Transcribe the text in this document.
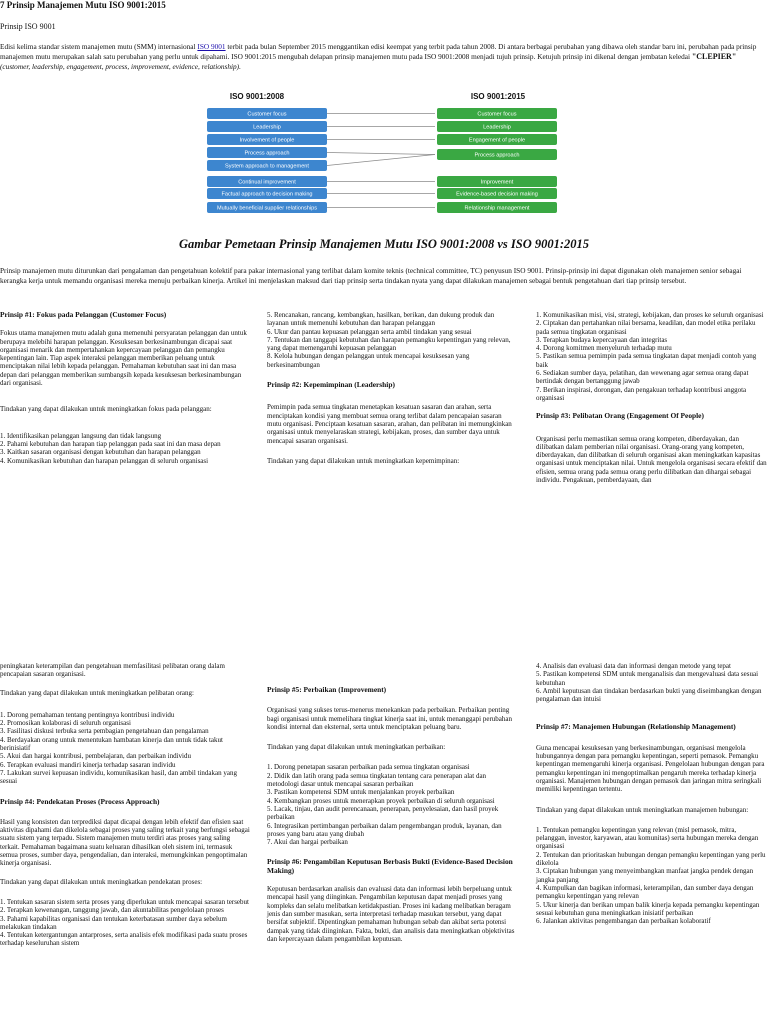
7 Prinsip Manajemen Mutu ISO 9001:2015
Prinsip ISO 9001
Edisi kelima standar sistem manajemen mutu (SMM) internasional ISO 9001 terbit pada bulan September 2015 menggantikan edisi keempat yang terbit pada tahun 2008. Di antara berbagai perubahan yang dibawa oleh standar baru ini, perubahan pada prinsip manajemen mutu merupakan salah satu perubahan yang perlu untuk dipahami. ISO 9001:2015 mengubah delapan prinsip manajemen mutu pada ISO 9001:2008 menjadi tujuh prinsip. Ketujuh prinsip ini dikenal dengan jembatan keledai "CLEPIER" (customer, leadership, engagement, process, improvement, evidence, relationship).
ISO 9001:2008	ISO 9001:2015
Customer focus
Leadership
Involvement of people
Process approach
System approach to management
Continual improvement
Factual approach to decision making
Mutually beneficial supplier relationships
Customer focus
Leadership
Engagement of people
Process approach
Improvement
Evidence-based decision making
Relationship management
Gambar Pemetaan Prinsip Manajemen Mutu ISO 9001:2008 vs ISO 9001:2015
Prinsip manajemen mutu diturunkan dari pengalaman dan pengetahuan kolektif para pakar internasional yang terlibat dalam komite teknis (technical committee, TC) penyusun ISO 9001. Prinsip-prinsip ini dapat digunakan oleh manajemen senior sebagai kerangka kerja untuk memandu organisasi mereka menuju perbaikan kinerja. Artikel ini menjelaskan maksud dari tiap prinsip serta tindakan nyata yang dapat dilakukan manajemen sebagai bentuk pengetahuan dari tiap prinsip tersebut.

Prinsip #1: Fokus pada Pelanggan (Customer Focus)

Fokus utama manajemen mutu adalah guna memenuhi persyaratan pelanggan dan untuk berupaya melebihi harapan pelanggan. Kesuksesan berkesinambungan dicapai saat organisasi menarik dan mempertahankan kepercayaan pelanggan dan pemangku kepentingan lain. Tiap aspek interaksi pelanggan memberikan peluang untuk menciptakan nilai lebih kepada pelanggan. Pemahaman kebutuhan saat ini dan masa depan dari pelanggan memberikan sumbangsih kepada kesuksesan berkesinambungan dari organisasi.

Tindakan yang dapat dilakukan untuk meningkatkan fokus pada pelanggan:

1. Identifikasikan pelanggan langsung dan tidak langsung
2. Pahami kebutuhan dan harapan tiap pelanggan pada saat ini dan masa depan
3. Kaitkan sasaran organisasi dengan kebutuhan dan harapan pelanggan
4. Komunikasikan kebutuhan dan harapan pelanggan di seluruh organisasi
5. Rencanakan, rancang, kembangkan, hasilkan, berikan, dan dukung produk dan layanan untuk memenuhi kebutuhan dan harapan pelanggan
6. Ukur dan pantau kepuasan pelanggan serta ambil tindakan yang sesuai
7. Tentukan dan tanggapi kebutuhan dan harapan pemangku kepentingan yang relevan, yang dapat memengaruhi kepuasan pelanggan
8. Kelola hubungan dengan pelanggan untuk mencapai kesuksesan yang berkesinambungan

Prinsip #2: Kepemimpinan (Leadership)

Pemimpin pada semua tingkatan menetapkan kesatuan sasaran dan arahan, serta menciptakan kondisi yang membuat semua orang terlibat dalam pencapaian sasaran mutu organisasi. Penciptaan kesatuan sasaran, arahan, dan pelibatan ini memungkinkan organisasi untuk menyelaraskan strategi, kebijakan, proses, dan sumber daya untuk mencapai sasaran organisasi.

Tindakan yang dapat dilakukan untuk meningkatkan kepemimpinan:

1. Komunikasikan misi, visi, strategi, kebijakan, dan proses ke seluruh organisasi
2. Ciptakan dan pertahankan nilai bersama, keadilan, dan model etika perilaku pada semua tingkatan organisasi
3. Terapkan budaya kepercayaan dan integritas
4. Dorong komitmen menyeluruh terhadap mutu
5. Pastikan semua pemimpin pada semua tingkatan dapat menjadi contoh yang baik
6. Sediakan sumber daya, pelatihan, dan wewenang agar semua orang dapat bertindak dengan bertanggung jawab
7. Berikan inspirasi, dorongan, dan pengakuan terhadap kontribusi anggota organisasi

Prinsip #3: Pelibatan Orang (Engagement Of People)

Organisasi perlu memastikan semua orang kompeten, diberdayakan, dan dilibatkan dalam pemberian nilai organisasi. Orang-orang yang kompeten, diberdayakan, dan dilibatkan di seluruh organisasi akan meningkatkan kapasitas organisasi untuk menciptakan nilai. Untuk mengelola organisasi secara efektif dan efisien, semua orang pada semua orang perlu dilibatkan dan dihargai sebagai individu. Pengakuan, pemberdayaan, dan

peningkatan keterampilan dan pengetahuan memfasilitasi pelibatan orang dalam pencapaian sasaran organisasi.

Tindakan yang dapat dilakukan untuk meningkatkan pelibatan orang:

1. Dorong pemahaman tentang pentingnya kontribusi individu
2. Promosikan kolaborasi di seluruh organisasi
3. Fasilitasi diskusi terbuka serta pembagian pengetahuan dan pengalaman
4. Berdayakan orang untuk menentukan hambatan kinerja dan untuk tidak takut berinisiatif
5. Akui dan hargai kontribusi, pembelajaran, dan perbaikan individu
6. Terapkan evaluasi mandiri kinerja terhadap sasaran individu
7. Lakukan survei kepuasan individu, komunikasikan hasil, dan ambil tindakan yang sesuai

Prinsip #4: Pendekatan Proses (Process Approach)

Hasil yang konsisten dan terprediksi dapat dicapai dengan lebih efektif dan efisien saat aktivitas dipahami dan dikelola sebagai proses yang saling terkait yang berfungsi sebagai suatu sistem yang terpadu. Sistem manajemen mutu terdiri atas proses yang saling terkait. Pemahaman bagaimana suatu keluaran dihasilkan oleh sistem ini, termasuk semua proses, sumber daya, pengendalian, dan interaksi, memungkinkan pengoptimalan kinerja organisasi.

Tindakan yang dapat dilakukan untuk meningkatkan pendekatan proses:

1. Tentukan sasaran sistem serta proses yang diperlukan untuk mencapai sasaran tersebut
2. Terapkan kewenangan, tanggung jawab, dan akuntabilitas pengelolaan proses
3. Pahami kapabilitas organisasi dan tentukan keterbatasan sumber daya sebelum melakukan tindakan
4. Tentukan ketergantungan antarproses, serta analisis efek modifikasi pada suatu proses terhadap keseluruhan sistem

Prinsip #5: Perbaikan (Improvement)

Organisasi yang sukses terus-menerus menekankan pada perbaikan. Perbaikan penting bagi organisasi untuk memelihara tingkat kinerja saat ini, untuk menanggapi perubahan kondisi internal dan eksternal, serta untuk menciptakan peluang baru.

Tindakan yang dapat dilakukan untuk meningkatkan perbaikan:

1. Dorong penetapan sasaran perbaikan pada semua tingkatan organisasi
2. Didik dan latih orang pada semua tingkatan tentang cara penerapan alat dan metodologi dasar untuk mencapai sasaran perbaikan
3. Pastikan kompetensi SDM untuk menjalankan proyek perbaikan
4. Kembangkan proses untuk menerapkan proyek perbaikan di seluruh organisasi
5. Lacak, tinjau, dan audit perencanaan, penerapan, penyelesaian, dan hasil proyek perbaikan
6. Integrasikan pertimbangan perbaikan dalam pengembangan produk, layanan, dan proses yang baru atau yang diubah
7. Akui dan hargai perbaikan

Prinsip #6: Pengambilan Keputusan Berbasis Bukti (Evidence-Based Decision Making)

Keputusan berdasarkan analisis dan evaluasi data dan informasi lebih berpeluang untuk mencapai hasil yang diinginkan. Pengambilan keputusan dapat menjadi proses yang kompleks dan selalu melibatkan ketidakpastian. Proses ini kadang melibatkan beragam jenis dan sumber masukan, serta interpretasi terhadap masukan tersebut, yang dapat bersifat subjektif. Dipentingkan pemahaman hubungan sebab dan akibat serta potensi dampak yang tidak diinginkan. Fakta, bukti, dan analisis data meningkatkan objektivitas dan kepercayaan dalam pengambilan keputusan.

4. Analisis dan evaluasi data dan informasi dengan metode yang tepat
5. Pastikan kompetensi SDM untuk menganalisis dan mengevaluasi data sesuai kebutuhan
6. Ambil keputusan dan tindakan berdasarkan bukti yang diseimbangkan dengan pengalaman dan intuisi

Prinsip #7: Manajemen Hubungan (Relationship Management)

Guna mencapai kesuksesan yang berkesinambungan, organisasi mengelola hubungannya dengan para pemangku kepentingan, seperti pemasok. Pemangku kepentingan memengaruhi kinerja organisasi. Pengelolaan hubungan dengan para pemangku kepentingan ini mengoptimalkan pengaruh mereka terhadap kinerja organisasi. Manajemen hubungan dengan pemasok dan jaringan mitra seringkali memiliki kepentingan tertentu.

Tindakan yang dapat dilakukan untuk meningkatkan manajemen hubungan:

1. Tentukan pemangku kepentingan yang relevan (misl pemasok, mitra, pelanggan, investor, karyawan, atau komunitas) serta hubungan mereka dengan organisasi
2. Tentukan dan prioritaskan hubungan dengan pemangku kepentingan yang perlu dikelola
3. Ciptakan hubungan yang menyeimbangkan manfaat jangka pendek dengan jangka panjang
4. Kumpulkan dan bagikan informasi, keterampilan, dan sumber daya dengan pemangku kepentingan yang relevan
5. Ukur kinerja dan berikan umpan balik kinerja kepada pemangku kepentingan sesuai kebutuhan guna meningkatkan inisiatif perbaikan
6. Jalankan aktivitas pengembangan dan perbaikan kolaboratif
